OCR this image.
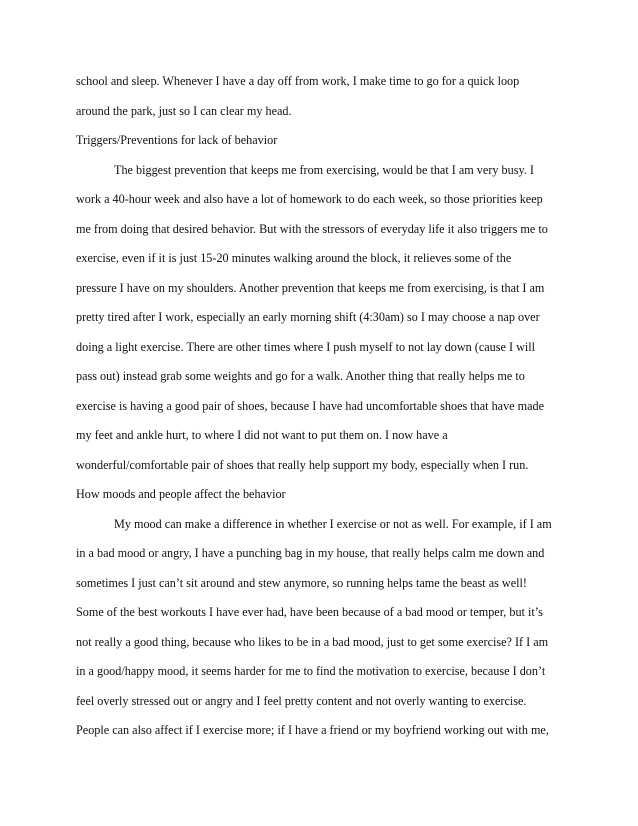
school and sleep. Whenever I have a day off from work, I make time to go for a quick loop
around the park, just so I can clear my head.
Triggers/Preventions for lack of behavior
The biggest prevention that keeps me from exercising, would be that I am very busy. I
work a 40-hour week and also have a lot of homework to do each week, so those priorities keep
me from doing that desired behavior. But with the stressors of everyday life it also triggers me to
exercise, even if it is just 15-20 minutes walking around the block, it relieves some of the
pressure I have on my shoulders. Another prevention that keeps me from exercising, is that I am
pretty tired after I work, especially an early morning shift (4:30am) so I may choose a nap over
doing a light exercise. There are other times where I push myself to not lay down (cause I will
pass out) instead grab some weights and go for a walk. Another thing that really helps me to
exercise is having a good pair of shoes, because I have had uncomfortable shoes that have made
my feet and ankle hurt, to where I did not want to put them on. I now have a
wonderful/comfortable pair of shoes that really help support my body, especially when I run.
How moods and people affect the behavior
My mood can make a difference in whether I exercise or not as well. For example, if I am
in a bad mood or angry, I have a punching bag in my house, that really helps calm me down and
sometimes I just can’t sit around and stew anymore, so running helps tame the beast as well!
Some of the best workouts I have ever had, have been because of a bad mood or temper, but it’s
not really a good thing, because who likes to be in a bad mood, just to get some exercise? If I am
in a good/happy mood, it seems harder for me to find the motivation to exercise, because I don’t
feel overly stressed out or angry and I feel pretty content and not overly wanting to exercise.
People can also affect if I exercise more; if I have a friend or my boyfriend working out with me,
